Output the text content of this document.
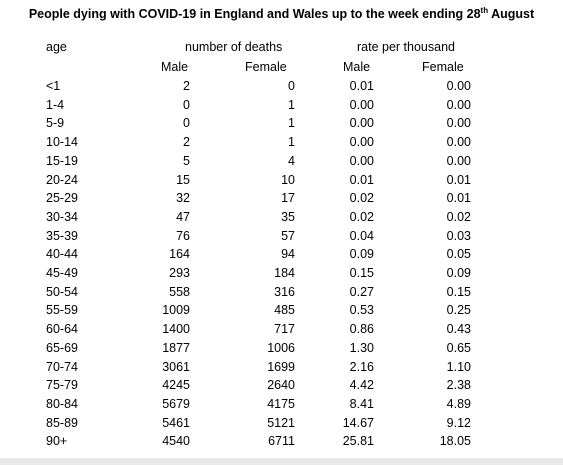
People dying with COVID-19 in England and Wales up to the week ending 28th August
age	number of deaths	rate per thousand
Male	Female	Male	Female
<1	2	0	0.01	0.00
1-4	0	1	0.00	0.00
5-9	0	1	0.00	0.00
10-14	2	1	0.00	0.00
15-19	5	4	0.00	0.00
20-24	15	10	0.01	0.01
25-29	32	17	0.02	0.01
30-34	47	35	0.02	0.02
35-39	76	57	0.04	0.03
40-44	164	94	0.09	0.05
45-49	293	184	0.15	0.09
50-54	558	316	0.27	0.15
55-59	1009	485	0.53	0.25
60-64	1400	717	0.86	0.43
65-69	1877	1006	1.30	0.65
70-74	3061	1699	2.16	1.10
75-79	4245	2640	4.42	2.38
80-84	5679	4175	8.41	4.89
85-89	5461	5121	14.67	9.12
90+	4540	6711	25.81	18.05
